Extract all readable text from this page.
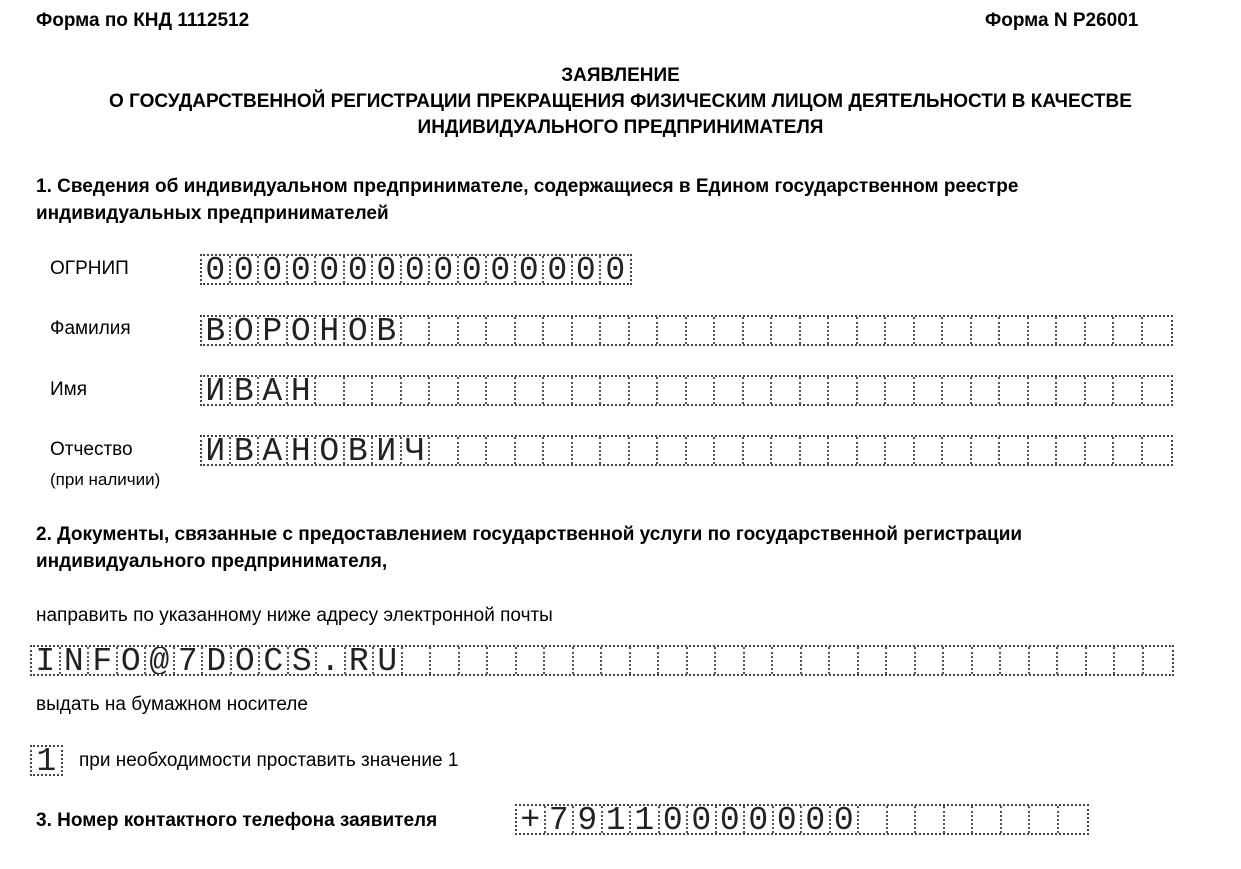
Форма по КНД 1112512	Форма N Р26001
ЗАЯВЛЕНИЕ
О ГОСУДАРСТВЕННОЙ РЕГИСТРАЦИИ ПРЕКРАЩЕНИЯ ФИЗИЧЕСКИМ ЛИЦОМ ДЕЯТЕЛЬНОСТИ В КАЧЕСТВЕ
ИНДИВИДУАЛЬНОГО ПРЕДПРИНИМАТЕЛЯ
1. Сведения об индивидуальном предпринимателе, содержащиеся в Едином государственном реестре индивидуальных предпринимателей
ОГРНИП 0 0 0 0 0 0 0 0 0 0 0 0 0 0 0
Фамилия В О Р О Н О В
Имя	И В А Н
Отчество
(при наличии)
И В А Н О В И Ч
2. Документы, связанные с предоставлением государственной услуги по государственной регистрации индивидуального предпринимателя,
направить по указанному ниже адресу электронной почты
I N F O @ 7 D O C S . R U
выдать на бумажном носителе
1 при необходимости проставить значение 1
3. Номер контактного телефона заявителя	+ 7 9 1 1 0 0 0 0 0 0 0
